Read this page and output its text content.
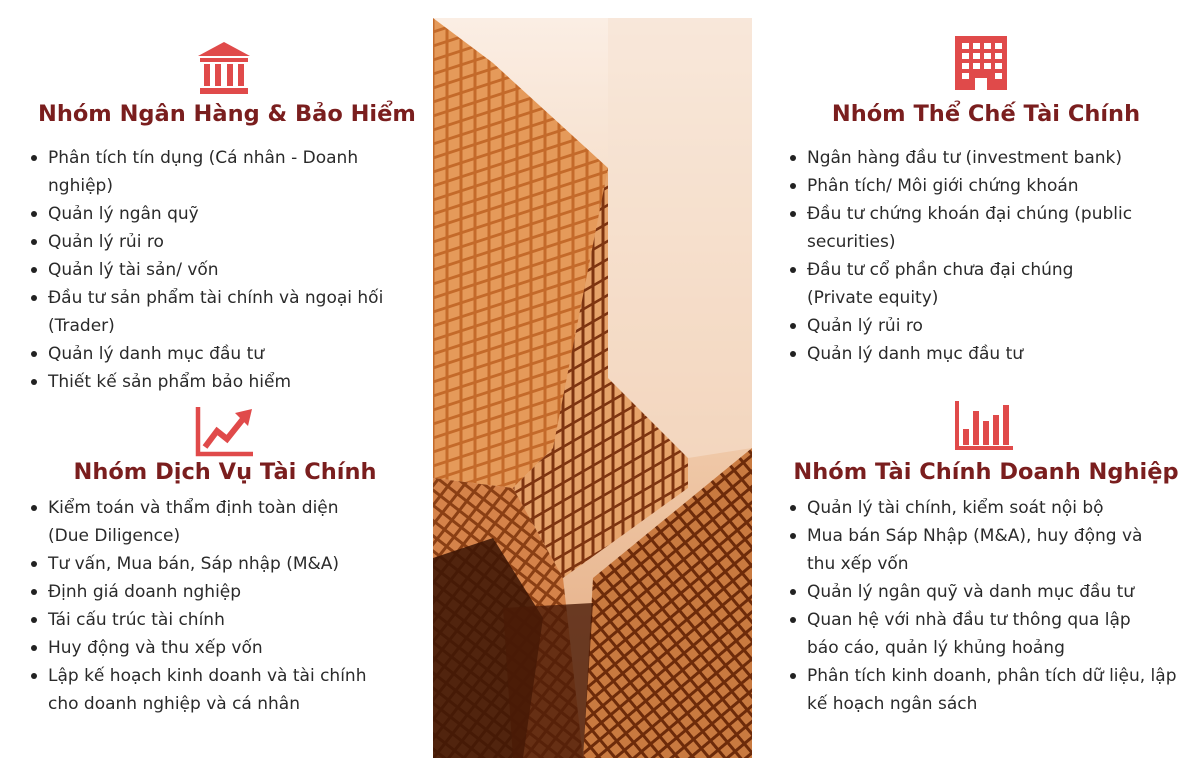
Nhóm Ngân Hàng & Bảo Hiểm
Phân tích tín dụng (Cá nhân - Doanh nghiệp)
Quản lý ngân quỹ
Quản lý rủi ro
Quản lý tài sản/ vốn
Đầu tư sản phẩm tài chính và ngoại hối (Trader)
Quản lý danh mục đầu tư
Thiết kế sản phẩm bảo hiểm
Nhóm Thể Chế Tài Chính
Ngân hàng đầu tư (investment bank)
Phân tích/ Môi giới chứng khoán
Đầu tư chứng khoán đại chúng (public securities)
Đầu tư cổ phần chưa đại chúng (Private equity)
Quản lý rủi ro
Quản lý danh mục đầu tư
Nhóm Dịch Vụ Tài Chính
Kiểm toán và thẩm định toàn diện (Due Diligence)
Tư vấn, Mua bán, Sáp nhập (M&A)
Định giá doanh nghiệp
Tái cấu trúc tài chính
Huy động và thu xếp vốn
Lập kế hoạch kinh doanh và tài chính cho doanh nghiệp và cá nhân
Nhóm Tài Chính Doanh Nghiệp
Quản lý tài chính, kiểm soát nội bộ
Mua bán Sáp Nhập (M&A), huy động và thu xếp vốn
Quản lý ngân quỹ và danh mục đầu tư
Quan hệ với nhà đầu tư thông qua lập báo cáo, quản lý khủng hoảng
Phân tích kinh doanh, phân tích dữ liệu, lập kế hoạch ngân sách
